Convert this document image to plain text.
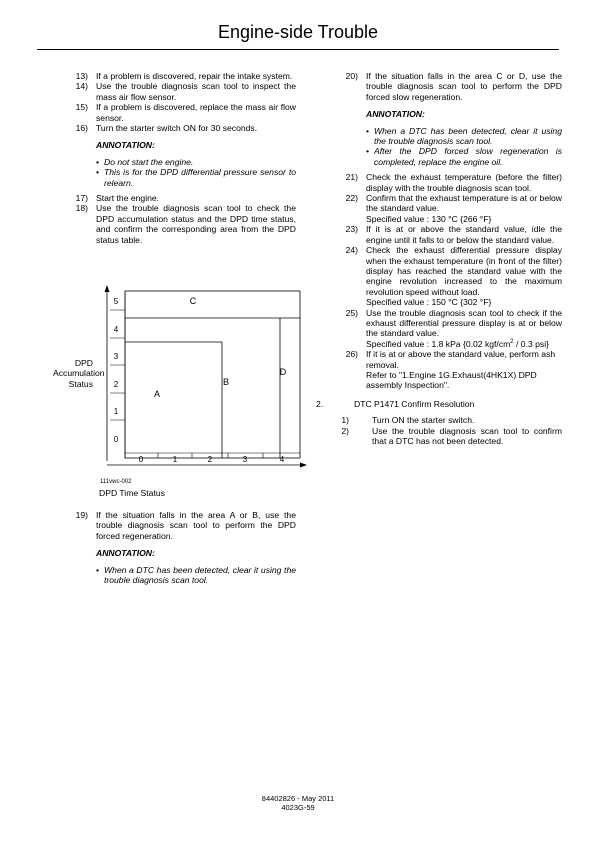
Engine-side Trouble
13) If a problem is discovered, repair the intake system.
14) Use the trouble diagnosis scan tool to inspect the mass air flow sensor.
15) If a problem is discovered, replace the mass air flow sensor.
16) Turn the starter switch ON for 30 seconds.
ANNOTATION:
• Do not start the engine.
• This is for the DPD differential pressure sensor to relearn.
17) Start the engine.
18) Use the trouble diagnosis scan tool to check the DPD accumulation status and the DPD time status, and confirm the corresponding area from the DPD status table.
5
4
3
2
1
0
0	1	2	3	4
A
B
C
D
DPD Accumulation Status
111vwc-002
DPD Time Status
19) If the situation falls in the area A or B, use the trouble diagnosis scan tool to perform the DPD forced regeneration.
ANNOTATION:
• When a DTC has been detected, clear it using the trouble diagnosis scan tool.
20) If the situation falls in the area C or D, use the trouble diagnosis scan tool to perform the DPD forced slow regeneration.
ANNOTATION:
• When a DTC has been detected, clear it using the trouble diagnosis scan tool.
• After the DPD forced slow regeneration is completed, replace the engine oil.
21) Check the exhaust temperature (before the filter) display with the trouble diagnosis scan tool.
22) Confirm that the exhaust temperature is at or below the standard value.
Specified value : 130 °C {266 °F}
23) If it is at or above the standard value, idle the engine until it falls to or below the standard value.
24) Check the exhaust differential pressure display when the exhaust temperature (in front of the filter) display has reached the standard value with the engine revolution increased to the maximum revolution speed without load.
Specified value : 150 °C {302 °F}
25) Use the trouble diagnosis scan tool to check if the exhaust differential pressure display is at or below the standard value.
Specified value : 1.8 kPa {0.02 kgf/$cm^2 / 0.3$ psi}
26) If it is at or above the standard value, perform ash removal.
Refer to "1.Engine 1G.Exhaust(4HK1X) DPD assembly Inspection".
2.	DTC P1471 Confirm Resolution
1)	Turn ON the starter switch.
2)	Use the trouble diagnosis scan tool to confirm that a DTC has not been detected.
84402826 - May 2011
4023G-59
